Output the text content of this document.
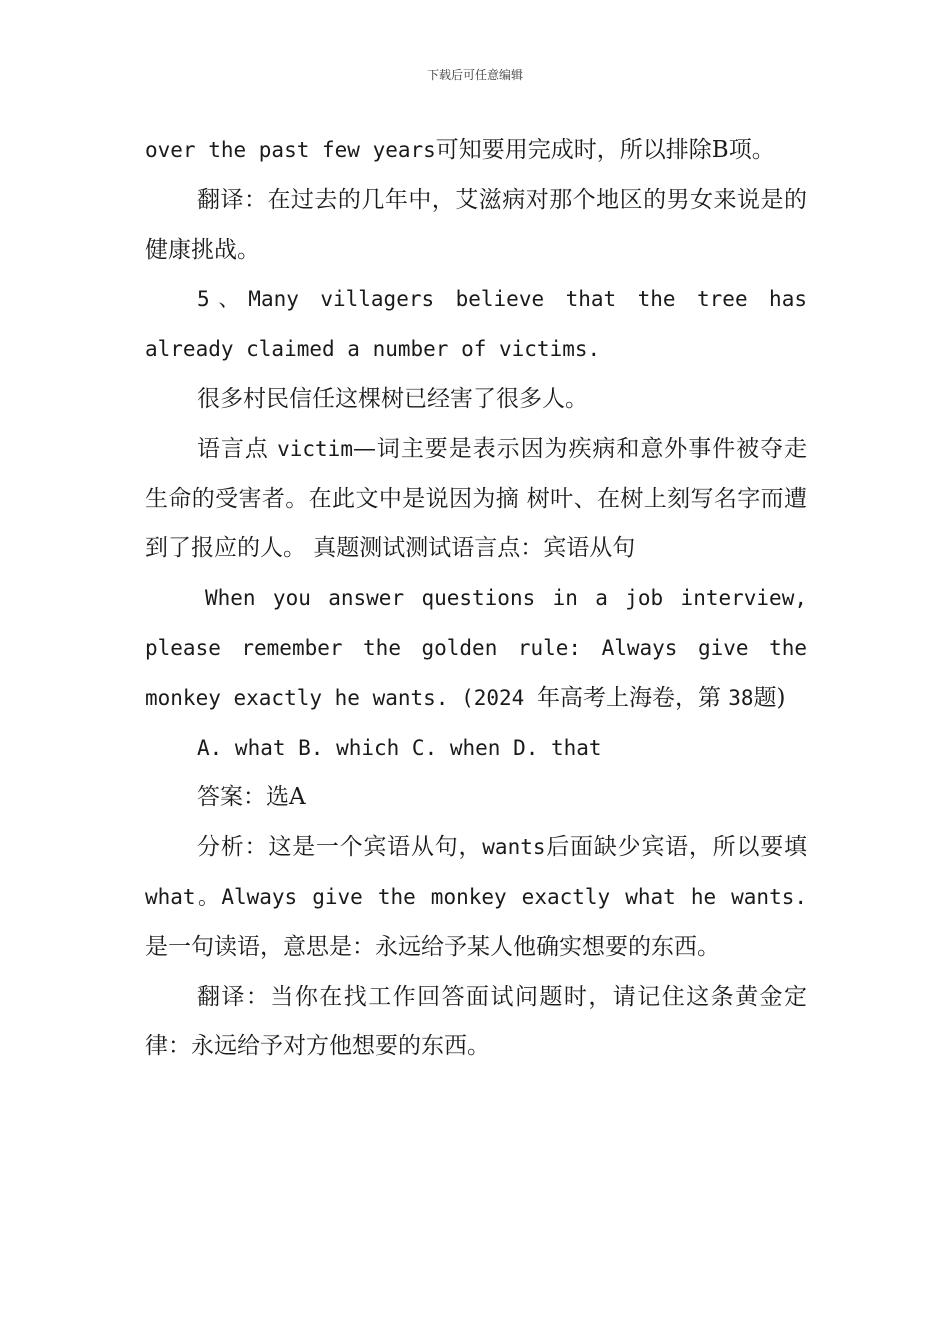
下载后可任意编辑

over the past few years可知要用完成时，所以排除B项。

翻译：在过去的几年中，艾滋病对那个地区的男女来说是的健康挑战。

5、Many villagers believe that the tree has already claimed a number of victims.

很多村民信任这棵树已经害了很多人。

语言点 victim—词主要是表示因为疾病和意外事件被夺走生命的受害者。在此文中是说因为摘 树叶、在树上刻写名字而遭到了报应的人。 真题测试测试语言点：宾语从句

When you answer questions in a job interview, please remember the golden rule: Always give the monkey exactly he wants. (2024 年高考上海卷，第 38题)

A. what B. which C. when D. that

答案：选A

分析：这是一个宾语从句，wants后面缺少宾语，所以要填what。Always give the monkey exactly what he wants.是一句读语，意思是：永远给予某人他确实想要的东西。

翻译：当你在找工作回答面试问题时，请记住这条黄金定律：永远给予对方他想要的东西。
